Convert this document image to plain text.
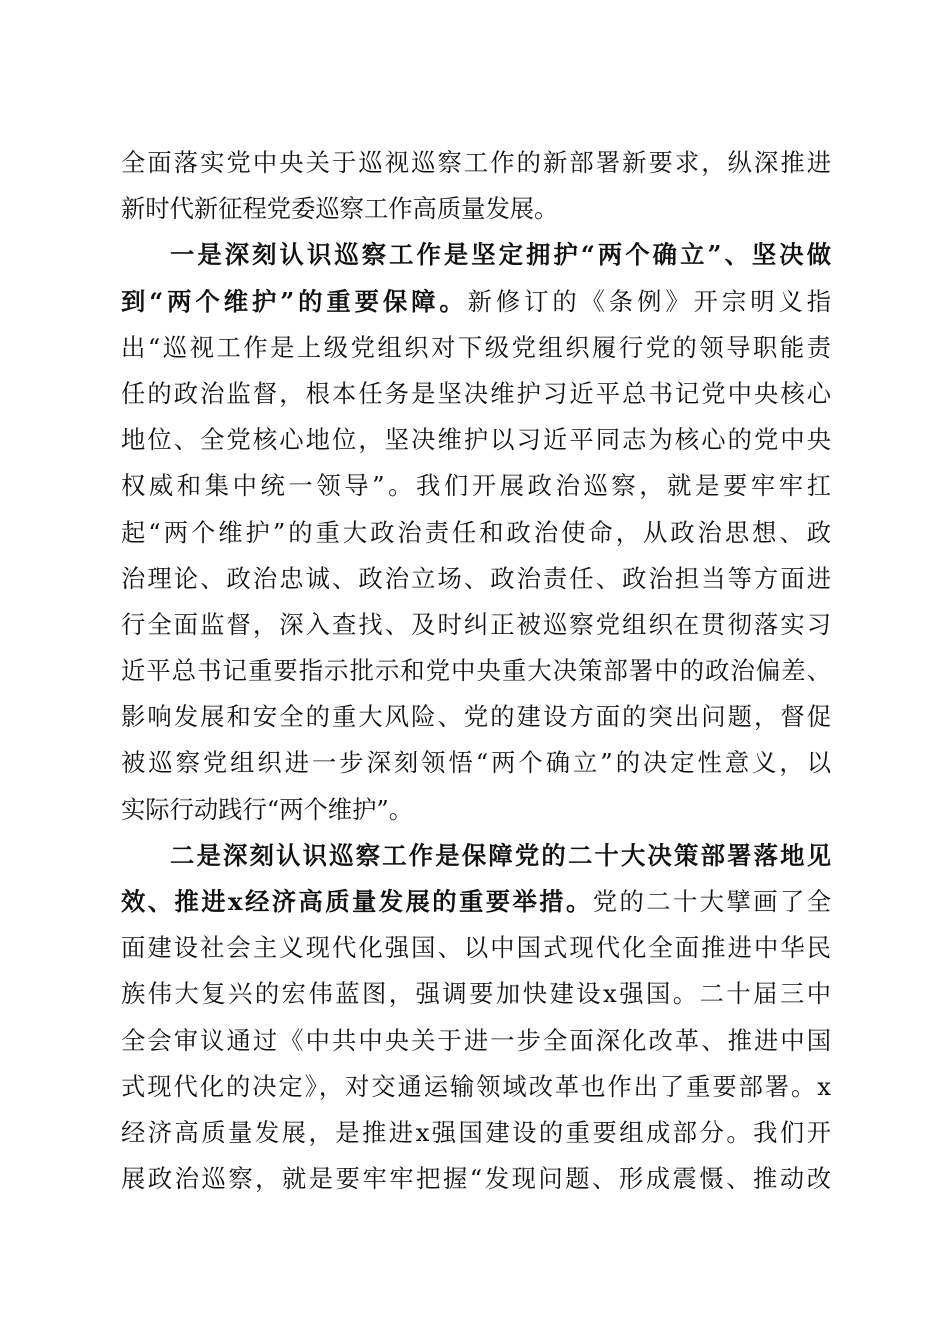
全面落实党中央关于巡视巡察工作的新部署新要求，纵深推进
新时代新征程党委巡察工作高质量发展。
一是深刻认识巡察工作是坚定拥护“两个确立”、坚决做
到“两个维护”的重要保障。新修订的《条例》开宗明义指
出“巡视工作是上级党组织对下级党组织履行党的领导职能责
任的政治监督，根本任务是坚决维护习近平总书记党中央核心
地位、全党核心地位，坚决维护以习近平同志为核心的党中央
权威和集中统一领导”。我们开展政治巡察，就是要牢牢扛
起“两个维护”的重大政治责任和政治使命，从政治思想、政
治理论、政治忠诚、政治立场、政治责任、政治担当等方面进
行全面监督，深入查找、及时纠正被巡察党组织在贯彻落实习
近平总书记重要指示批示和党中央重大决策部署中的政治偏差、
影响发展和安全的重大风险、党的建设方面的突出问题，督促
被巡察党组织进一步深刻领悟“两个确立”的决定性意义，以
实际行动践行“两个维护”。
二是深刻认识巡察工作是保障党的二十大决策部署落地见
效、推进x经济高质量发展的重要举措。党的二十大擘画了全
面建设社会主义现代化强国、以中国式现代化全面推进中华民
族伟大复兴的宏伟蓝图，强调要加快建设x强国。二十届三中
全会审议通过《中共中央关于进一步全面深化改革、推进中国
式现代化的决定》，对交通运输领域改革也作出了重要部署。x
经济高质量发展，是推进x强国建设的重要组成部分。我们开
展政治巡察，就是要牢牢把握“发现问题、形成震慑、推动改
